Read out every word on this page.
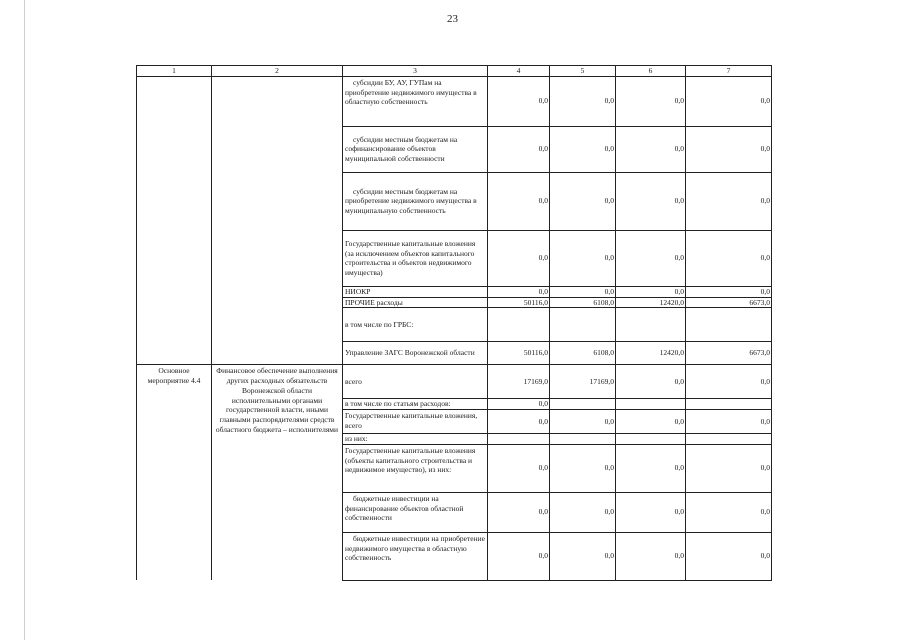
23
1	2	3	4	5	6	7

		субсидии БУ, АУ, ГУПам на приобретение недвижимого имущества в областную собственность	0,0	0,0	0,0	0,0

		субсидии местным бюджетам на софинансирование объектов муниципальной собственности	0,0	0,0	0,0	0,0

		субсидии местным бюджетам на приобретение недвижимого имущества в муниципальную собственность	0,0	0,0	0,0	0,0
		Государственные капитальные вложения (за исключением объектов капитального строительства и объектов недвижимого имущества)	0,0	0,0	0,0	0,0
		НИОКР	0,0	0,0	0,0	0,0
		ПРОЧИЕ расходы	50116,0	6108,0	12420,0	6673,0
		в том числе по ГРБС:				
		Управление ЗАГС Воронежской области	50116,0	6108,0	12420,0	6673,0
Основное мероприятие 4.4	Финансовое обеспечение выполнения других расходных обязательств Воронежской области исполнительными органами государственной власти, иными главными распорядителями средств областного бюджета – исполнителями	всего	17169,0	17169,0	0,0	0,0
		в том числе по статьям расходов:	0,0			
		Государственные капитальные вложения, всего	0,0	0,0	0,0	0,0
		из них:				
		Государственные капитальные вложения (объекты капитального строительства и недвижимое имущество), из них:	0,0	0,0	0,0	0,0

		бюджетные инвестиции на финансирование объектов областной собственности	0,0	0,0	0,0	0,0

		бюджетные инвестиции на приобретение недвижимого имущества в областную собственность	0,0	0,0	0,0	0,0
